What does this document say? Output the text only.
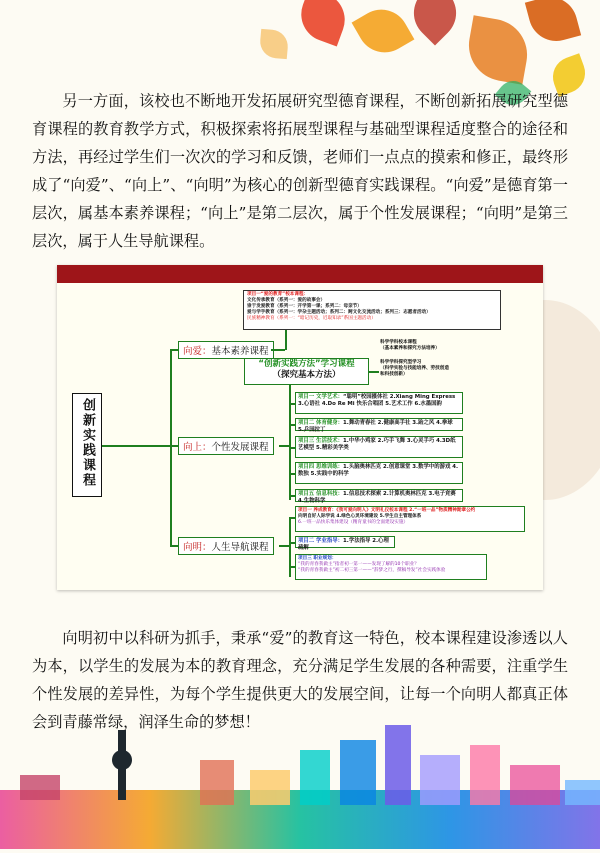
另一方面，该校也不断地开发拓展研究型德育课程，不断创新拓展研究型德育课程的教育教学方式，积极探索将拓展型课程与基础型课程适度整合的途径和方法，再经过学生们一次次的学习和反馈，老师们一点点的摸索和修正，最终形成了“向爱”、“向上”、“向明”为核心的创新型德育实践课程。“向爱”是德育第一层次，属基本素养课程；“向上”是第二层次，属于个性发展课程；“向明”是第三层次，属于人生导航课程。

创新实践课程
向爱：基本素养课程
向上：个性发展课程
向明：人生导航课程
项目一“爱的教育”校本课程：
文化传承教育（系列一：爱的故事会）
崇于发爱教育（系列一：开学第一课；系列二：母亲节）
爱与学手教育（系列一：学杂主题活动；系列二：跨文化交流活动；系列三：志愿者活动）
民族精神教育（系列一：“暗记历史，近取知录”系国主题活动）
“创新实践方法”学习课程
（探究基本方法）
科学学科校本课程
（基本素养和探究方法培养）
科学学科探究型学习
（科学实验与技能培养、劳技创造
和科技创新）
项目一 文学艺术：“聪明”校园摄体社 2.Xiang Ming Express 3.心语社 4.Do Re Mi 快乐合唱团 5.艺术工作 6.水墨国韵
项目二 体育健身：1.舞动青春社 2.健康高手社 3.跆之风 4.拳球 5.乒园拉丁
项目三 生活技术：1.中华小鸡家 2.巧手飞舞 3.心灵手巧 4.3D纸艺模型 5.精彩美学类
项目四 思维训练：1.头脑奥林匹克 2.创意课堂 3.数学中的游戏 4.数独 5.实践中的科学
项目五 信息科技：1.信息技术探索 2.计算机奥林匹克 3.电子竞赛 4.生物科学
项目一 养成教育：《我可爱向明人》文明礼仪校本课程 2.“一班一品”物质精神勋章公约
向明自好人际学说 4.绿色心灵环境建设 5.学生自主管理体系
6.一班一品快乐集体建设（精育童书的全面建设实施）
项目二 学业指导：1.学法指导 2.心理疏解
项目三 职业规划：
“我的青春我做主”指者初一第一——发现了解的10个职业？
“我的青春我做主”初二初三第一——“辞梦之行，撰稿导发”社会实践体验

向明初中以科研为抓手，秉承“爱”的教育这一特色，校本课程建设渗透以人为本，以学生的发展为本的教育理念，充分满足学生发展的各种需要，注重学生个性发展的差异性，为每个学生提供更大的发展空间，让每一个向明人都真正体会到青藤常绿，润泽生命的梦想！
